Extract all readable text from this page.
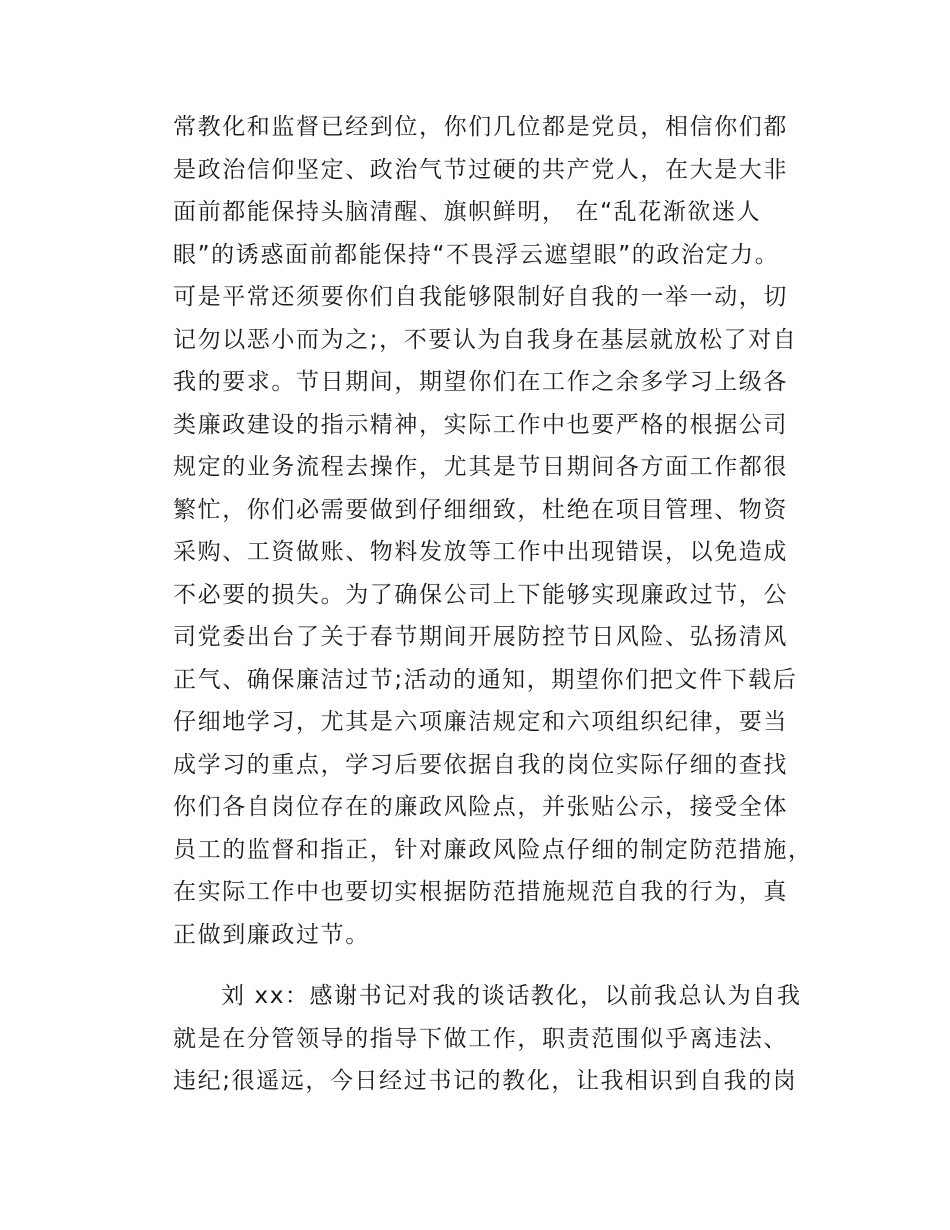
常教化和监督已经到位，你们几位都是党员，相信你们都
是政治信仰坚定、政治气节过硬的共产党人，在大是大非
面前都能保持头脑清醒、旗帜鲜明， 在“乱花渐欲迷人
眼”的诱惑面前都能保持“不畏浮云遮望眼”的政治定力。
可是平常还须要你们自我能够限制好自我的一举一动，切
记勿以恶小而为之;，不要认为自我身在基层就放松了对自
我的要求。节日期间，期望你们在工作之余多学习上级各
类廉政建设的指示精神，实际工作中也要严格的根据公司
规定的业务流程去操作，尤其是节日期间各方面工作都很
繁忙，你们必需要做到仔细细致，杜绝在项目管理、物资
采购、工资做账、物料发放等工作中出现错误，以免造成
不必要的损失。为了确保公司上下能够实现廉政过节，公
司党委出台了关于春节期间开展防控节日风险、弘扬清风
正气、确保廉洁过节;活动的通知，期望你们把文件下载后
仔细地学习，尤其是六项廉洁规定和六项组织纪律，要当
成学习的重点，学习后要依据自我的岗位实际仔细的查找
你们各自岗位存在的廉政风险点，并张贴公示，接受全体
员工的监督和指正，针对廉政风险点仔细的制定防范措施，
在实际工作中也要切实根据防范措施规范自我的行为，真
正做到廉政过节。
刘 xx：感谢书记对我的谈话教化，以前我总认为自我
就是在分管领导的指导下做工作，职责范围似乎离违法、
违纪;很遥远，今日经过书记的教化，让我相识到自我的岗
